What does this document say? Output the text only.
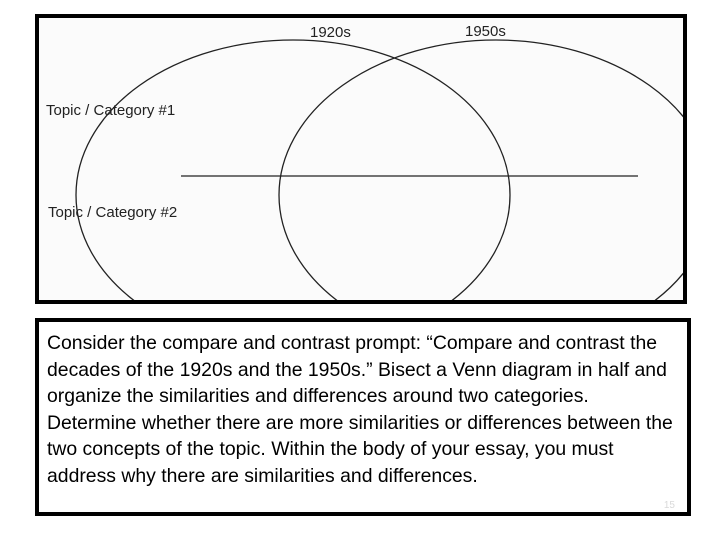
1920s	1950s
Topic / Category #1
Topic / Category #2

Consider the compare and contrast prompt: “Compare and contrast the decades of the 1920s and the 1950s.” Bisect a Venn diagram in half and organize the similarities and differences around two categories. Determine whether there are more similarities or differences between the two concepts of the topic. Within the body of your essay, you must address why there are similarities and differences.

15
